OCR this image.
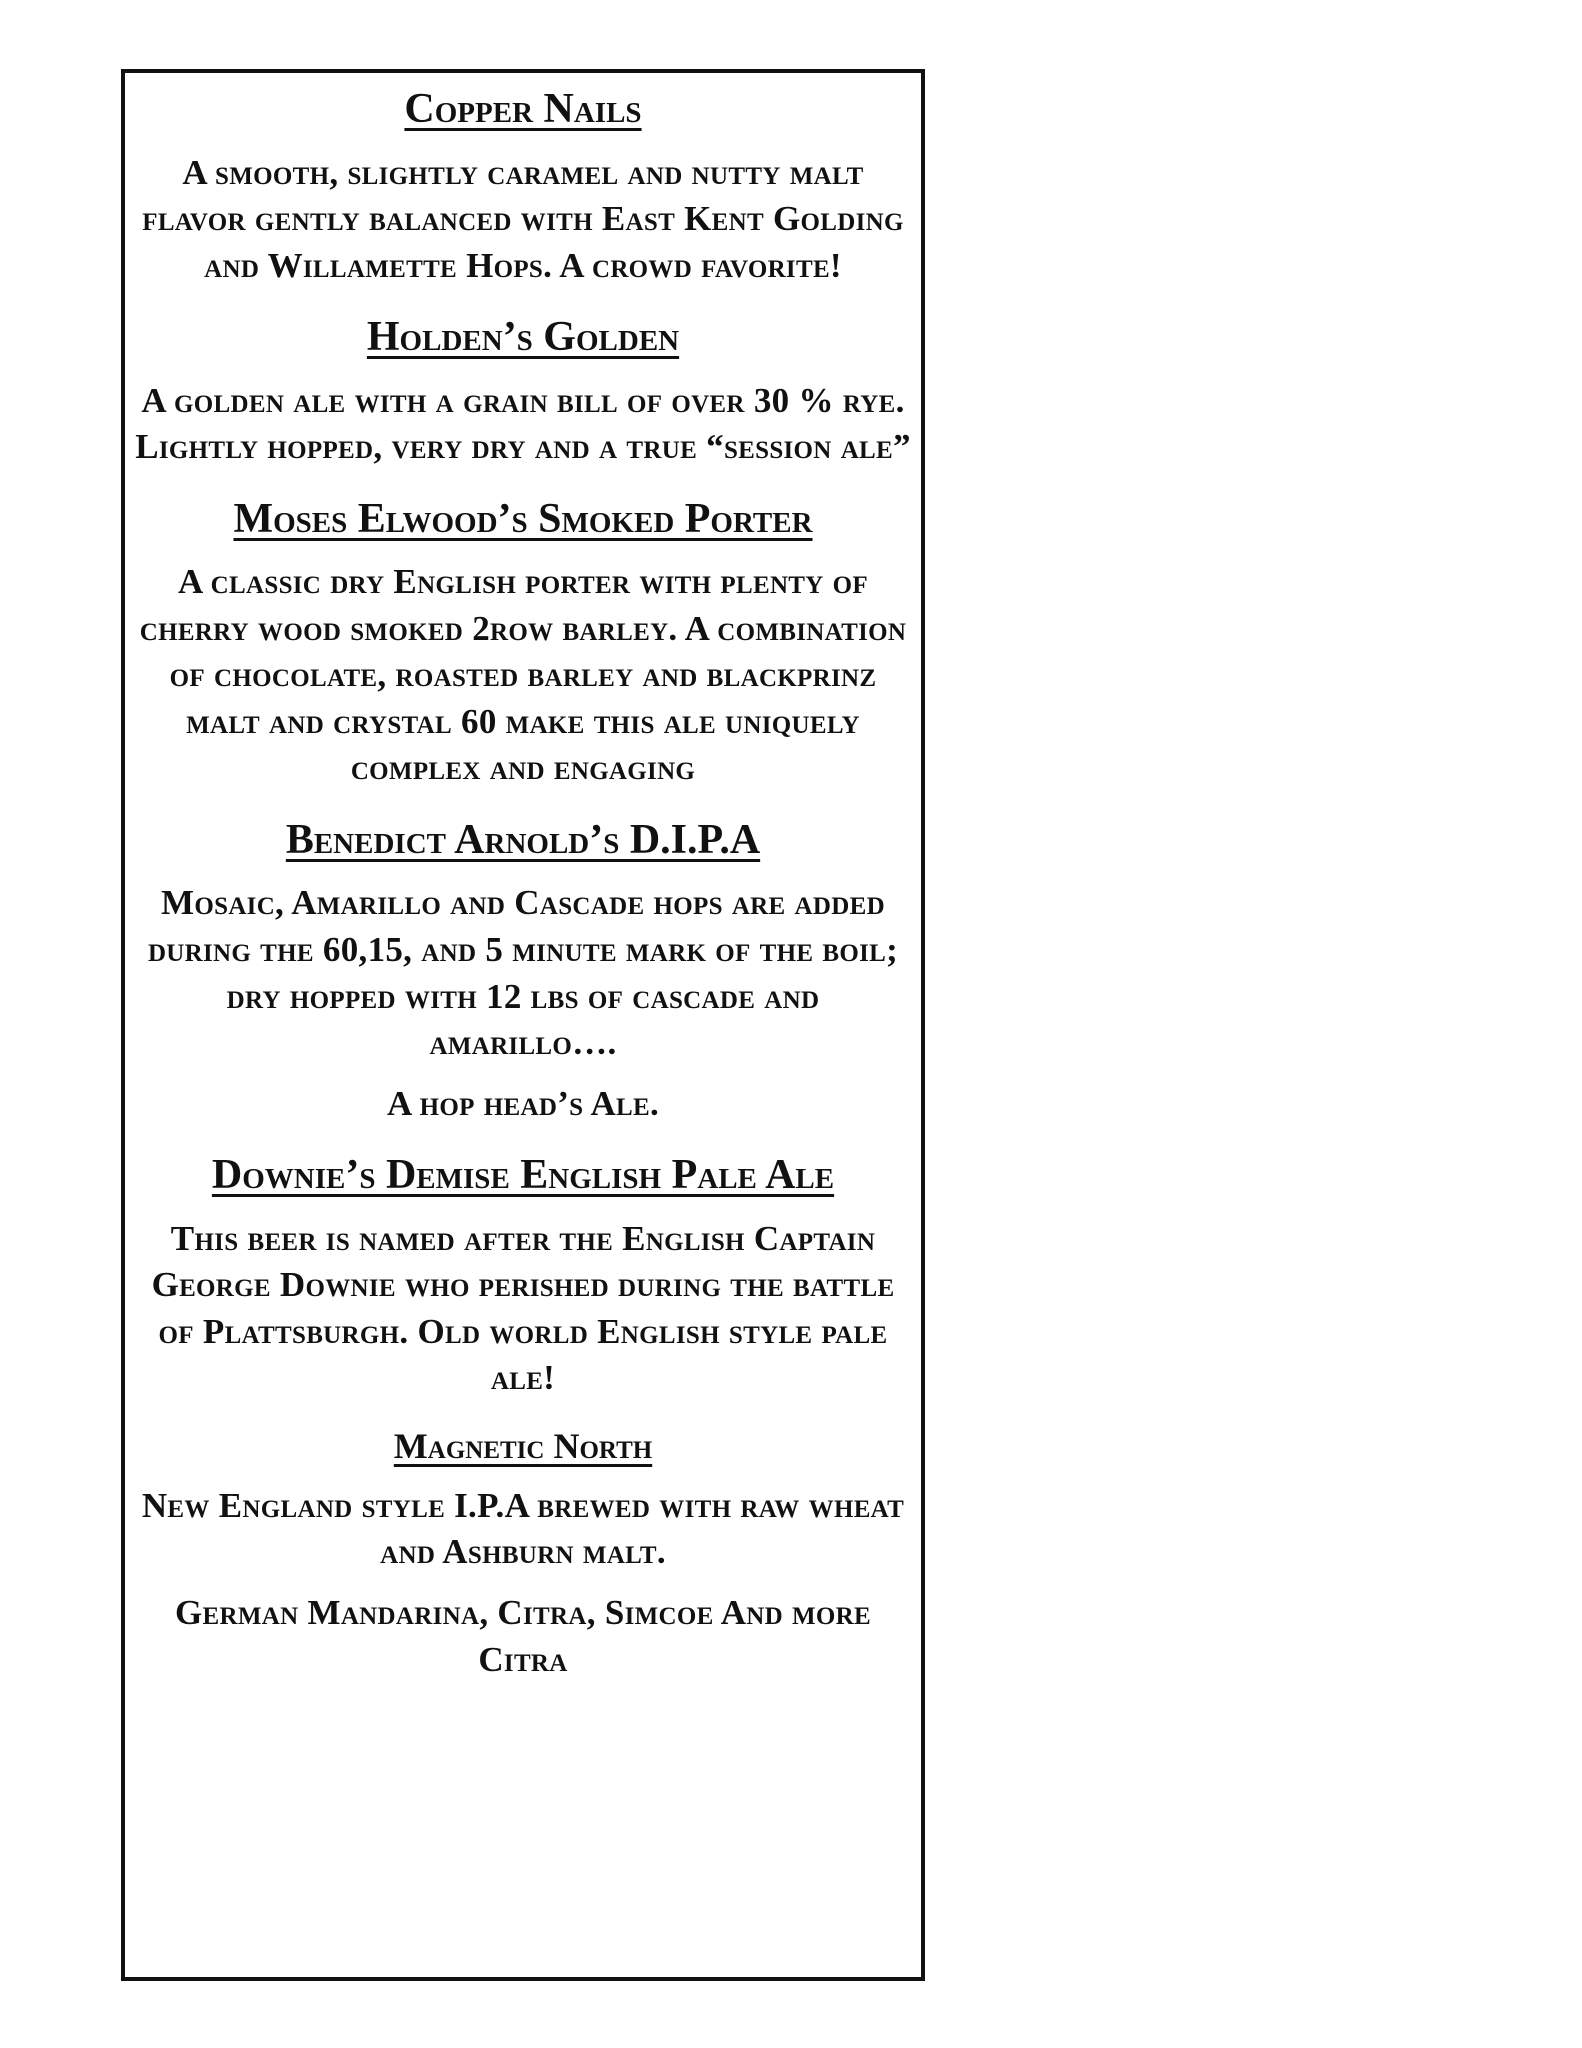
Copper Nails

A smooth, slightly caramel and nutty malt flavor gently balanced with East Kent Golding and Willamette Hops. A crowd favorite!

Holden’s Golden

A golden ale with a grain bill of over 30 % rye. Lightly hopped, very dry and a true “session ale”

Moses Elwood’s Smoked Porter

A classic dry English porter with plenty of cherry wood smoked 2row barley. A combination of chocolate, roasted barley and blackprinz malt and crystal 60 make this ale uniquely complex and engaging

Benedict Arnold’s D.I.P.A

Mosaic, Amarillo and Cascade hops are added during the 60,15, and 5 minute mark of the boil; dry hopped with 12 lbs of cascade and amarillo….

A hop head’s Ale.

Downie’s Demise English Pale Ale

This beer is named after the English Captain George Downie who perished during the battle of Plattsburgh. Old world English style pale ale!

Magnetic North

New England style I.P.A brewed with raw wheat and Ashburn malt.

German Mandarina, Citra, Simcoe And more Citra
